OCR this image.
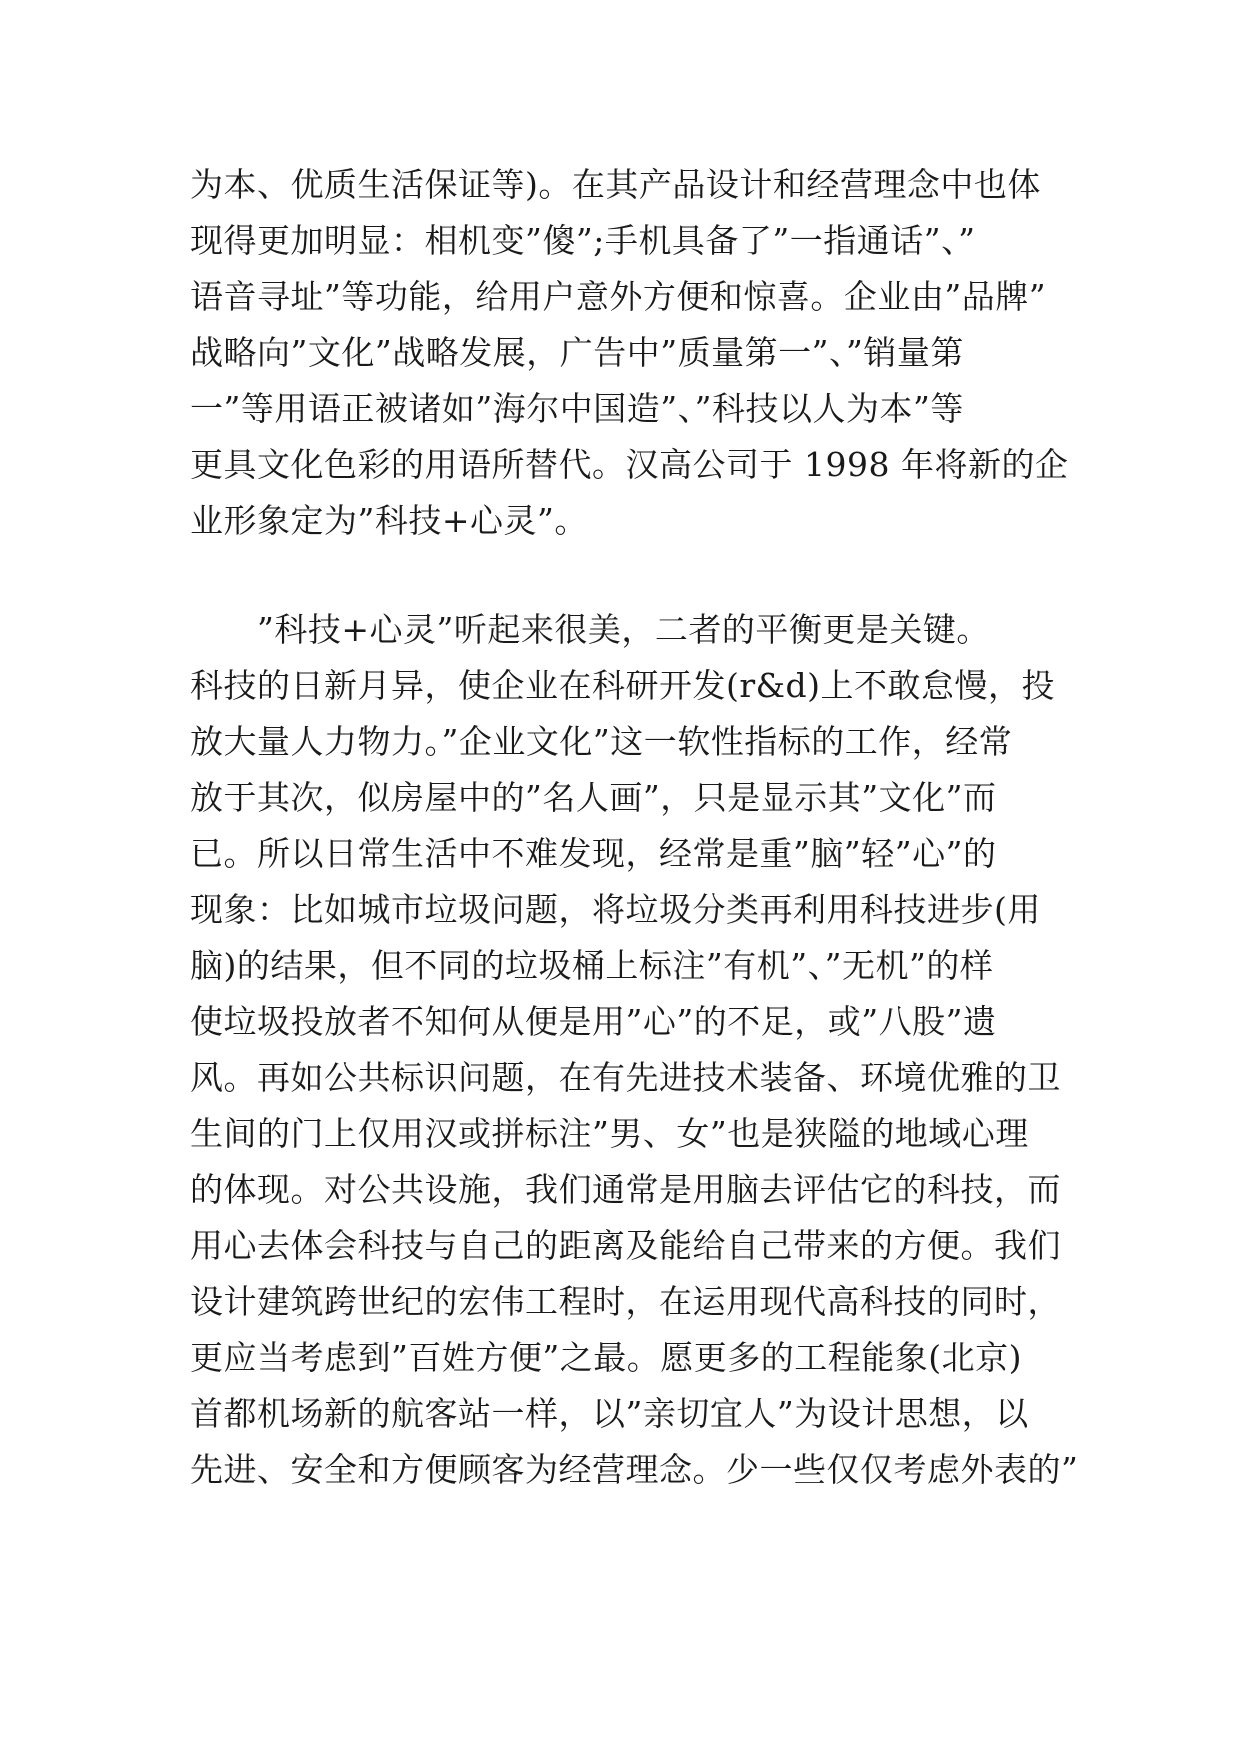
为本、优质生活保证等)。在其产品设计和经营理念中也体
现得更加明显：相机变”傻”;手机具备了”一指通话”、”
语音寻址”等功能，给用户意外方便和惊喜。企业由”品牌”
战略向”文化”战略发展，广告中”质量第一”、”销量第
一”等用语正被诸如”海尔中国造”、”科技以人为本”等
更具文化色彩的用语所替代。汉高公司于 1998 年将新的企
业形象定为”科技+心灵”。
　　”科技+心灵”听起来很美，二者的平衡更是关键。
科技的日新月异，使企业在科研开发(r&d)上不敢怠慢，投
放大量人力物力。”企业文化”这一软性指标的工作，经常
放于其次，似房屋中的”名人画”，只是显示其”文化”而
已。所以日常生活中不难发现，经常是重”脑”轻”心”的
现象：比如城市垃圾问题，将垃圾分类再利用科技进步(用
脑)的结果，但不同的垃圾桶上标注”有机”、”无机”的样
使垃圾投放者不知何从便是用”心”的不足，或”八股”遗
风。再如公共标识问题，在有先进技术装备、环境优雅的卫
生间的门上仅用汉或拼标注”男、女”也是狭隘的地域心理
的体现。对公共设施，我们通常是用脑去评估它的科技，而
用心去体会科技与自己的距离及能给自己带来的方便。我们
设计建筑跨世纪的宏伟工程时，在运用现代高科技的同时，
更应当考虑到”百姓方便”之最。愿更多的工程能象(北京)
首都机场新的航客站一样，以”亲切宜人”为设计思想，以
先进、安全和方便顾客为经营理念。少一些仅仅考虑外表的”
